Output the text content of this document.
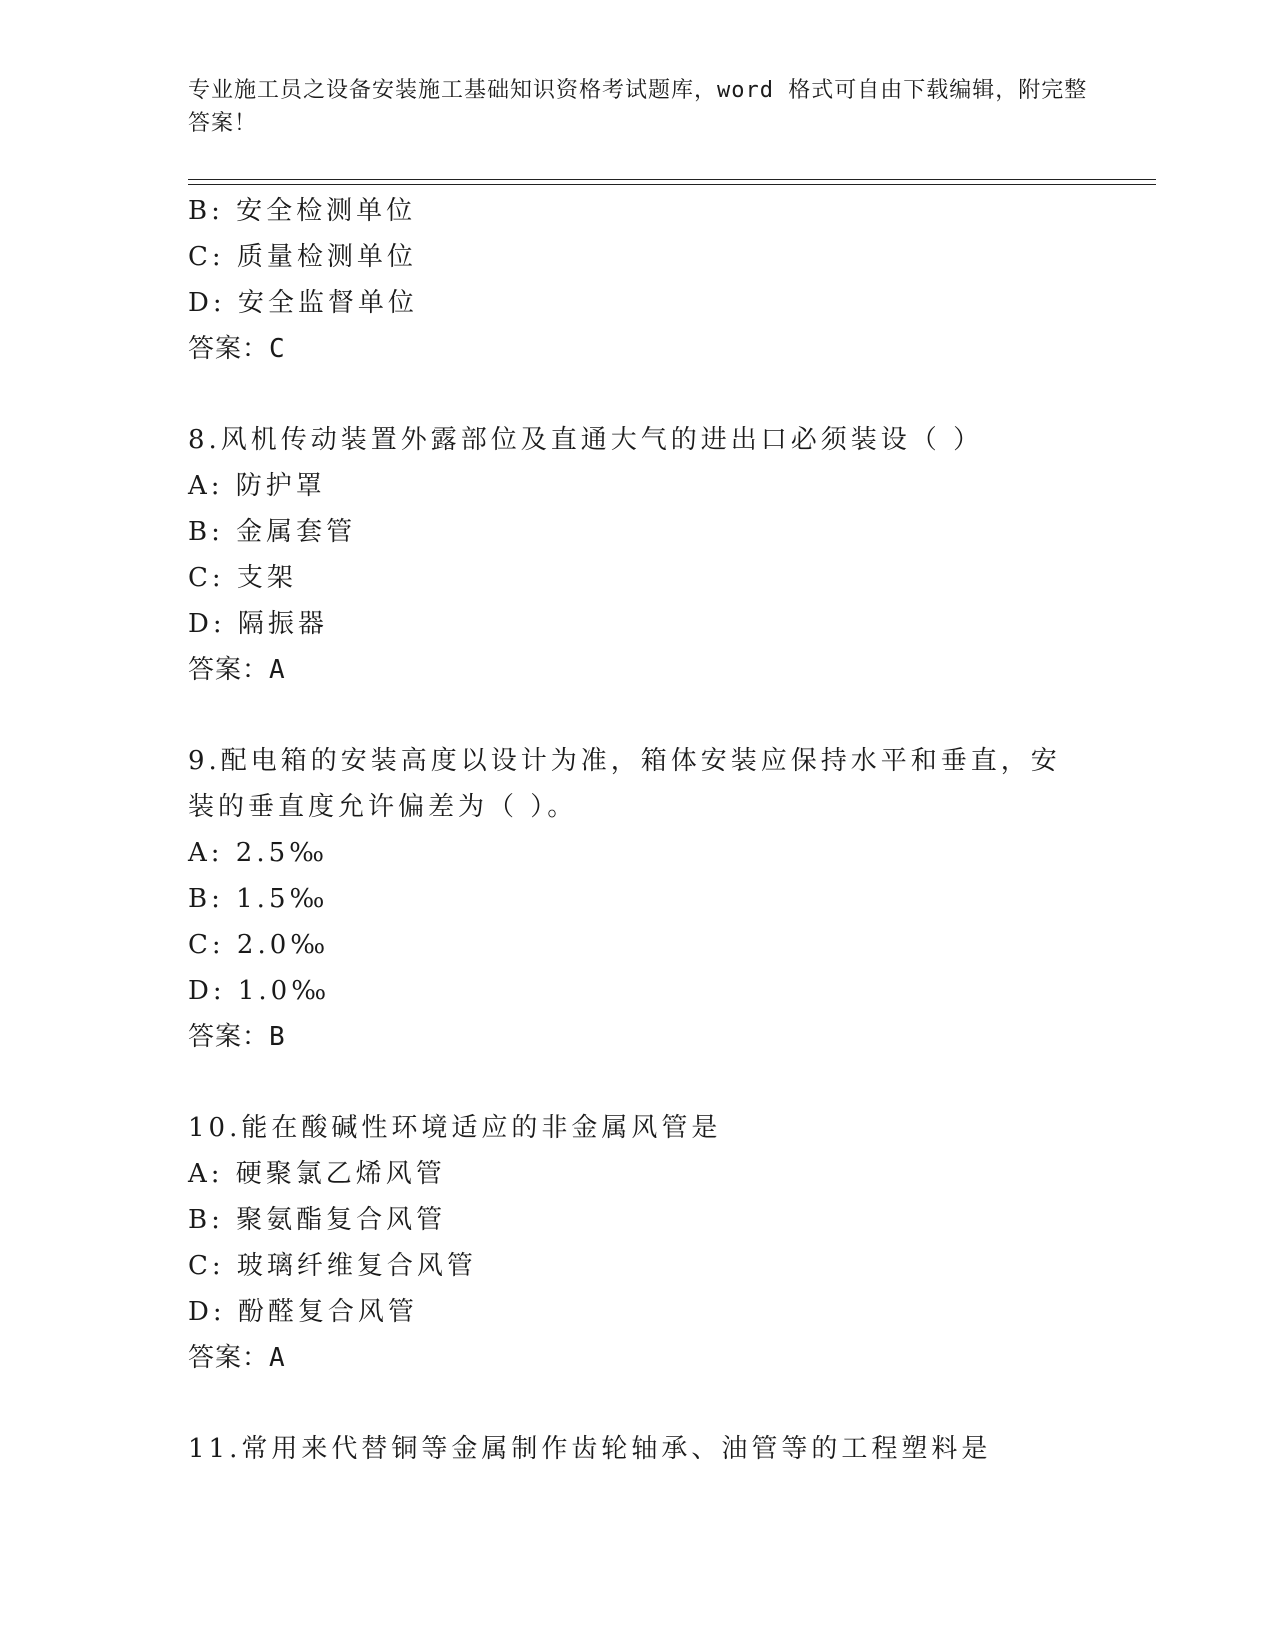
专业施工员之设备安装施工基础知识资格考试题库，word 格式可自由下载编辑，附完整答案！
B: 安全检测单位
C: 质量检测单位
D: 安全监督单位
答案：C
8.风机传动装置外露部位及直通大气的进出口必须装设（ ）
A: 防护罩
B: 金属套管
C: 支架
D: 隔振器
答案：A
9.配电箱的安装高度以设计为准，箱体安装应保持水平和垂直，安装的垂直度允许偏差为（ ）。
A: 2.5‰
B: 1.5‰
C: 2.0‰
D: 1.0‰
答案：B
10.能在酸碱性环境适应的非金属风管是
A: 硬聚氯乙烯风管
B: 聚氨酯复合风管
C: 玻璃纤维复合风管
D: 酚醛复合风管
答案：A
11.常用来代替铜等金属制作齿轮轴承、油管等的工程塑料是
